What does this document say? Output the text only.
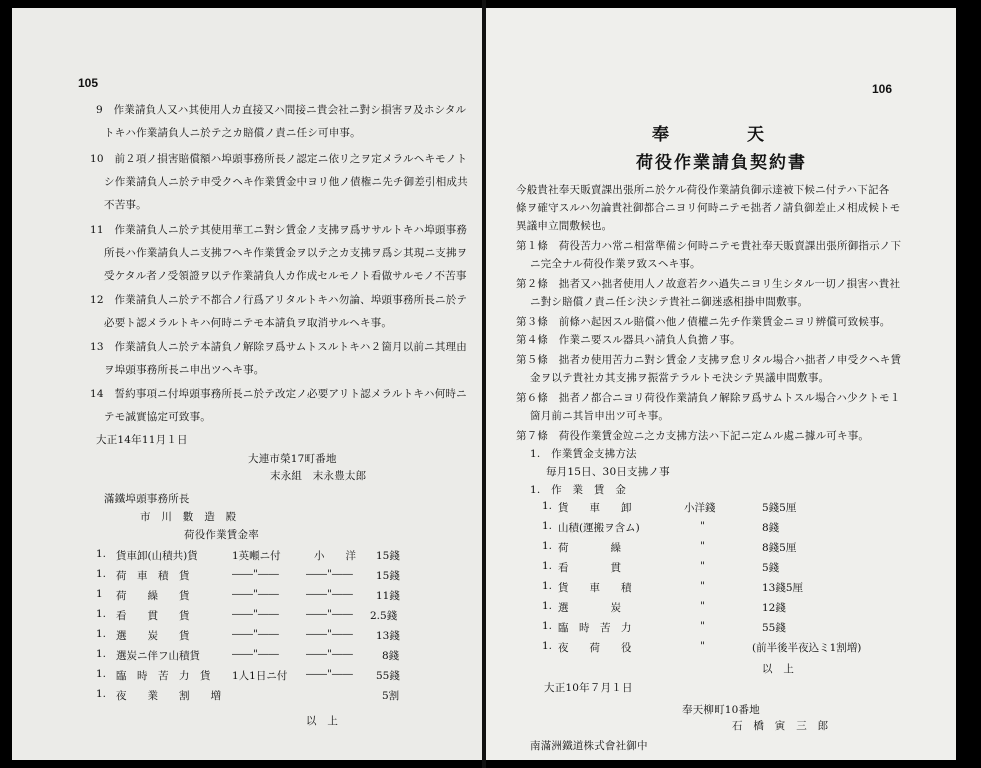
105
9　作業請負人又ハ其使用人カ直接又ハ間接ニ貴会社ニ對シ損害ヲ及ホシタル
トキハ作業請負人ニ於テ之カ賠償ノ責ニ任シ可申事。
10　前２項ノ損害賠償額ハ埠頭事務所長ノ認定ニ依リ之ヲ定メラルヘキモノト
シ作業請負人ニ於テ申受クヘキ作業賃金中ヨリ他ノ債権ニ先チ御差引相成共
不苦事。
11　作業請負人ニ於テ其使用華工ニ對シ賃金ノ支拂ヲ爲ササルトキハ埠頭事務
所長ハ作業請負人ニ支拂フヘキ作業賃金ヲ以テ之カ支拂ヲ爲シ其現ニ支拂ヲ
受ケタル者ノ受領證ヲ以テ作業請負人カ作成セルモノト看做サルモノ不苦事
12　作業請負人ニ於テ不都合ノ行爲アリタルトキハ勿論、埠頭事務所長ニ於テ
必要ト認メラルトキハ何時ニテモ本請負ヲ取消サルヘキ事。
13　作業請負人ニ於テ本請負ノ解除ヲ爲サムトスルトキハ２箇月以前ニ其理由
ヲ埠頭事務所長ニ申出ツヘキ事。
14　誓約事項ニ付埠頭事務所長ニ於テ改定ノ必要アリト認メラルトキハ何時ニ
テモ誠實協定可致事。
大正14年11月１日
大連市榮17町番地
末永組　末永豊太郎
滿鐵埠頭事務所長
市　川　數　造　殿
荷役作業賃金率
1. 貨車卸(山積共)貨	1英噸ニ付	小　　洋 15錢
1. 荷　車　積　貨	――"――	――"―― 15錢
1 荷　　繰　　貨	――"――	――"―― 11錢
1. 看　　貫　　貨	――"――	――"―― 2.5錢
1. 選　　炭　　貨	――"――	――"―― 13錢
1. 選炭ニ伴フ山積貨	――"――	――"――	8錢
1. 臨　時　苦　力　貨 1人1日ニ付 ――"―― 55錢
1. 夜　　業　　割　　増	5割
以　上
106
奉　　　　天
荷役作業請負契約書
今般貴社奉天販賣課出張所ニ於ケル荷役作業請負御示達被下候ニ付テハ下記各
條ヲ確守スルハ勿論貴社御都合ニヨリ何時ニテモ拙者ノ請負御差止メ相成候トモ
異議申立間敷候也。
第１條　荷役苦力ハ常ニ相當準備シ何時ニテモ貴社奉天販賣課出張所御指示ノ下
ニ完全ナル荷役作業ヲ致スヘキ事。
第２條　拙者又ハ拙者使用人ノ故意若クハ過失ニヨリ生シタル一切ノ損害ハ貴社
ニ對シ賠償ノ責ニ任シ決シテ貴社ニ御迷惑相掛申間敷事。
第３條　前條ハ起因スル賠償ハ他ノ債權ニ先チ作業賃金ニヨリ辨償可致候事。
第４條　作業ニ要スル器具ハ請負人負擔ノ事。
第５條　拙者カ使用苦力ニ對シ賃金ノ支拂ヲ怠リタル場合ハ拙者ノ申受クヘキ賃
金ヲ以テ貴社カ其支拂ヲ振當テラルトモ決シテ異議申間敷事。
第６條　拙者ノ都合ニヨリ荷役作業請負ノ解除ヲ爲サムトスル場合ハ少クトモ１
箇月前ニ其旨申出ツ可キ事。
第７條　荷役作業賃金竝ニ之カ支拂方法ハ下記ニ定ムル處ニ據ル可キ事。
1.　作業賃金支拂方法
毎月15日、30日支拂ノ事
1.　作　業　賃　金
1. 貨　　車　　卸	小洋錢	5錢5厘
1. 山積(運搬ヲ含ム)	"	8錢
1. 荷　　　　繰	"	8錢5厘
1. 看　　　　貫	"	5錢
1. 貨　　車　　積	"	13錢5厘
1. 選　　　　炭	"	12錢
1. 臨　時　苦　力	"	55錢
1. 夜　　荷　　役	"	(前半後半夜込ミ1割増)
以　上
大正10年７月１日
奉天柳町10番地
石　橋　寅　三　郎
南滿洲鐵道株式會社御中
